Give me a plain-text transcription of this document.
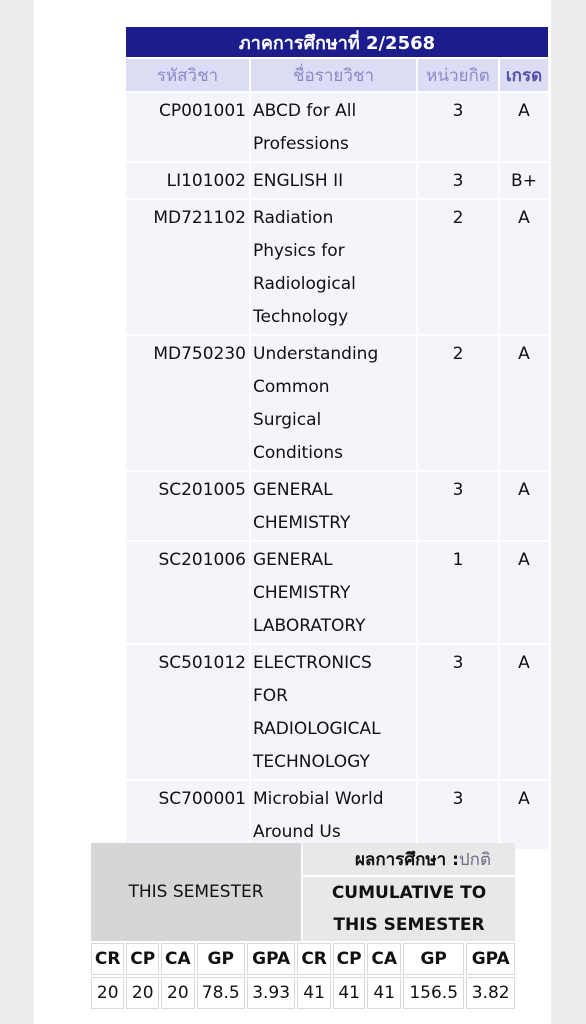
ภาคการศึกษาที่ 2/2568			
รหัสวิชา	ชื่อรายวิชา	หน่วยกิต	เกรด
CP001001	ABCD for All
Professions	3	A
LI101002	ENGLISH II	3	B+
MD721102	Radiation
Physics for
Radiological
Technology	2	A
MD750230	Understanding
Common
Surgical
Conditions	2	A
SC201005	GENERAL
CHEMISTRY	3	A
SC201006	GENERAL
CHEMISTRY
LABORATORY	1	A
SC501012	ELECTRONICS
FOR
RADIOLOGICAL
TECHNOLOGY	3	A
SC700001	Microbial World
Around Us	3	A
THIS SEMESTER	ผลการศึกษา :ปกติ
CUMULATIVE TO
THIS SEMESTER
CR	CP	CA	GP	GPA	CR	CP	CA	GP	GPA
20	20	20	78.5	3.93	41	41	41	156.5	3.82
